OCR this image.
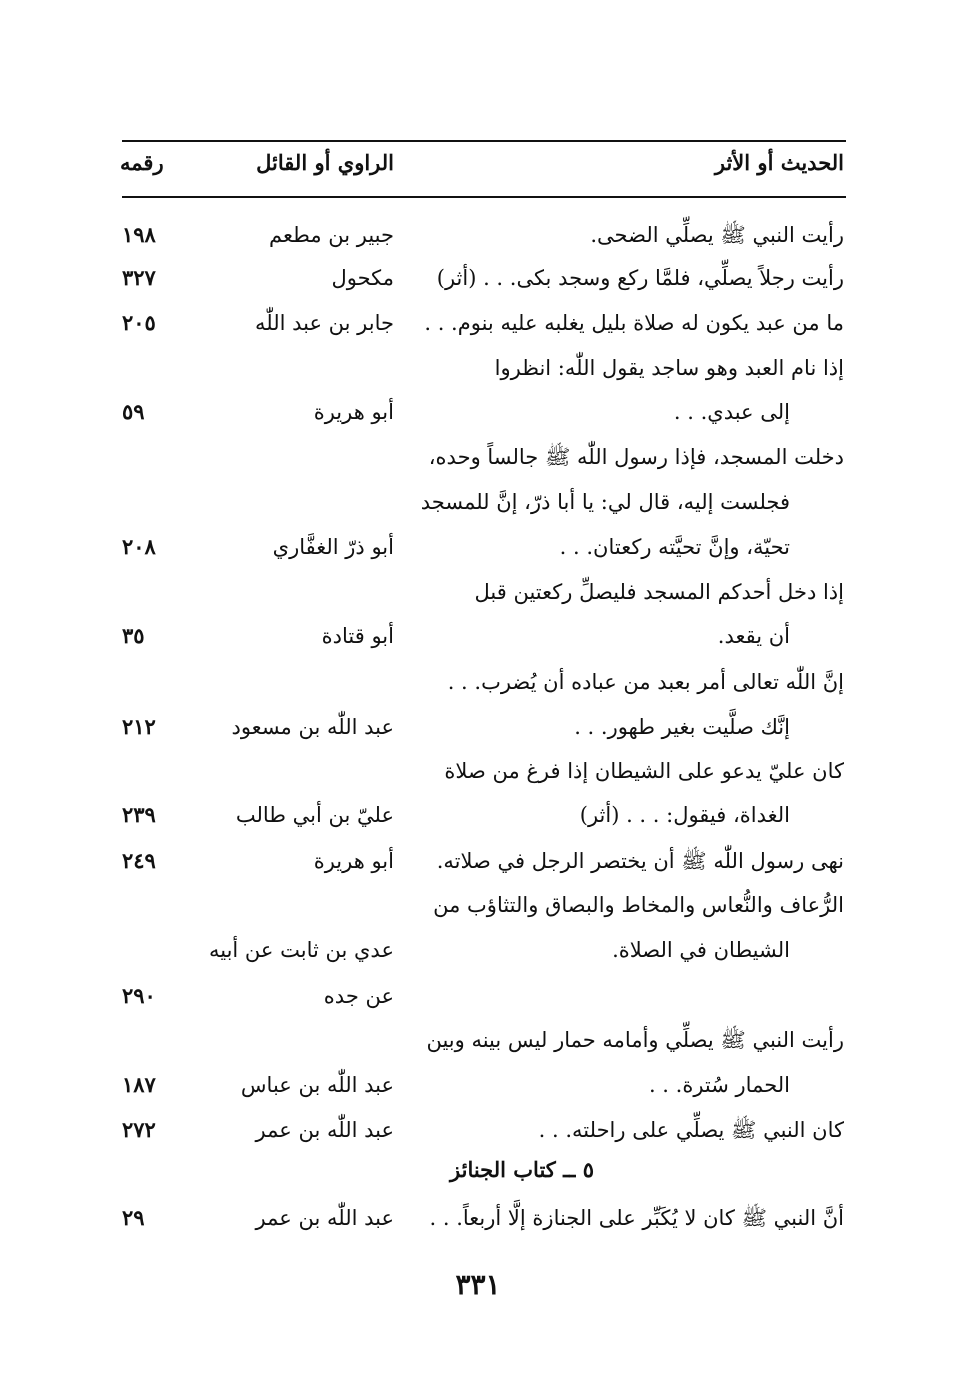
الحديث أو الأثر
الراوي أو القائل
رقمه
رأيت النبي ﷺ يصلِّي الضحى.
جبير بن مطعم
١٩٨
رأيت رجلاً يصلِّي، فلمَّا ركع وسجد بكى. . . (أثر)
مكحول
٣٢٧
ما من عبد يكون له صلاة بليل يغلبه عليه بنوم. . .
جابر بن عبد اللّٰه
٢٠٥
إذا نام العبد وهو ساجد يقول اللّٰه: انظروا
إلى عبدي. . .
أبو هريرة
٥٩
دخلت المسجد، فإذا رسول اللّٰه ﷺ جالساً وحده،
فجلست إليه، قال لي: يا أبا ذرّ، إنَّ للمسجد
تحيّة، وإنَّ تحيَّته ركعتان. . .
أبو ذرّ الغفَّاري
٢٠٨
إذا دخل أحدكم المسجد فليصلِّ ركعتين قبل
أن يقعد.
أبو قتادة
٣٥
إنَّ اللّٰه تعالى أمر بعبد من عباده أن يُضرب. . .
إنَّك صلَّيت بغير طهور. . .
عبد اللّٰه بن مسعود
٢١٢
كان عليّ يدعو على الشيطان إذا فرغ من صلاة
الغداة، فيقول: . . . (أثر)
عليّ بن أبي طالب
٢٣٩
نهى رسول اللّٰه ﷺ أن يختصر الرجل في صلاته.
أبو هريرة
٢٤٩
الرُّعاف والنُّعاس والمخاط والبصاق والتثاؤب من
الشيطان في الصلاة.
عدي بن ثابت عن أبيه
عن جده
٢٩٠
رأيت النبي ﷺ يصلِّي وأمامه حمار ليس بينه وبين
الحمار سُترة. . .
عبد اللّٰه بن عباس
١٨٧
كان النبي ﷺ يصلِّي على راحلته. . .
عبد اللّٰه بن عمر
٢٧٢
٥ ــ كتاب الجنائز
أنَّ النبي ﷺ كان لا يُكَبِّر على الجنازة إلَّا أربعاً. . .
عبد اللّٰه بن عمر
٢٩
٣٣١
